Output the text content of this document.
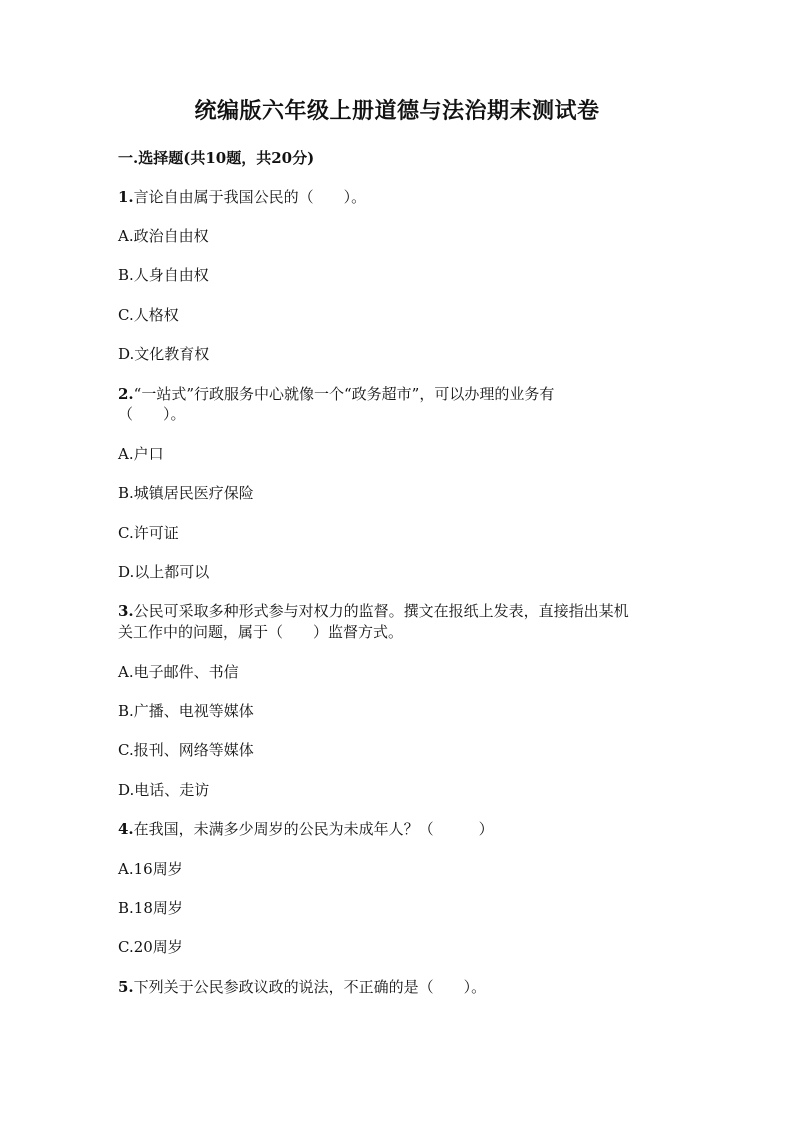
统编版六年级上册道德与法治期末测试卷
一.选择题(共10题，共20分)
1.言论自由属于我国公民的（　　）。
A.政治自由权
B.人身自由权
C.人格权
D.文化教育权
2.“一站式”行政服务中心就像一个“政务超市”，可以办理的业务有
（　　）。
A.户口
B.城镇居民医疗保险
C.许可证
D.以上都可以
3.公民可采取多种形式参与对权力的监督。撰文在报纸上发表，直接指出某机
关工作中的问题，属于（　　）监督方式。
A.电子邮件、书信
B.广播、电视等媒体
C.报刊、网络等媒体
D.电话、走访
4.在我国，未满多少周岁的公民为未成年人？（　　　）
A.16周岁
B.18周岁
C.20周岁
5.下列关于公民参政议政的说法，不正确的是（　　）。
